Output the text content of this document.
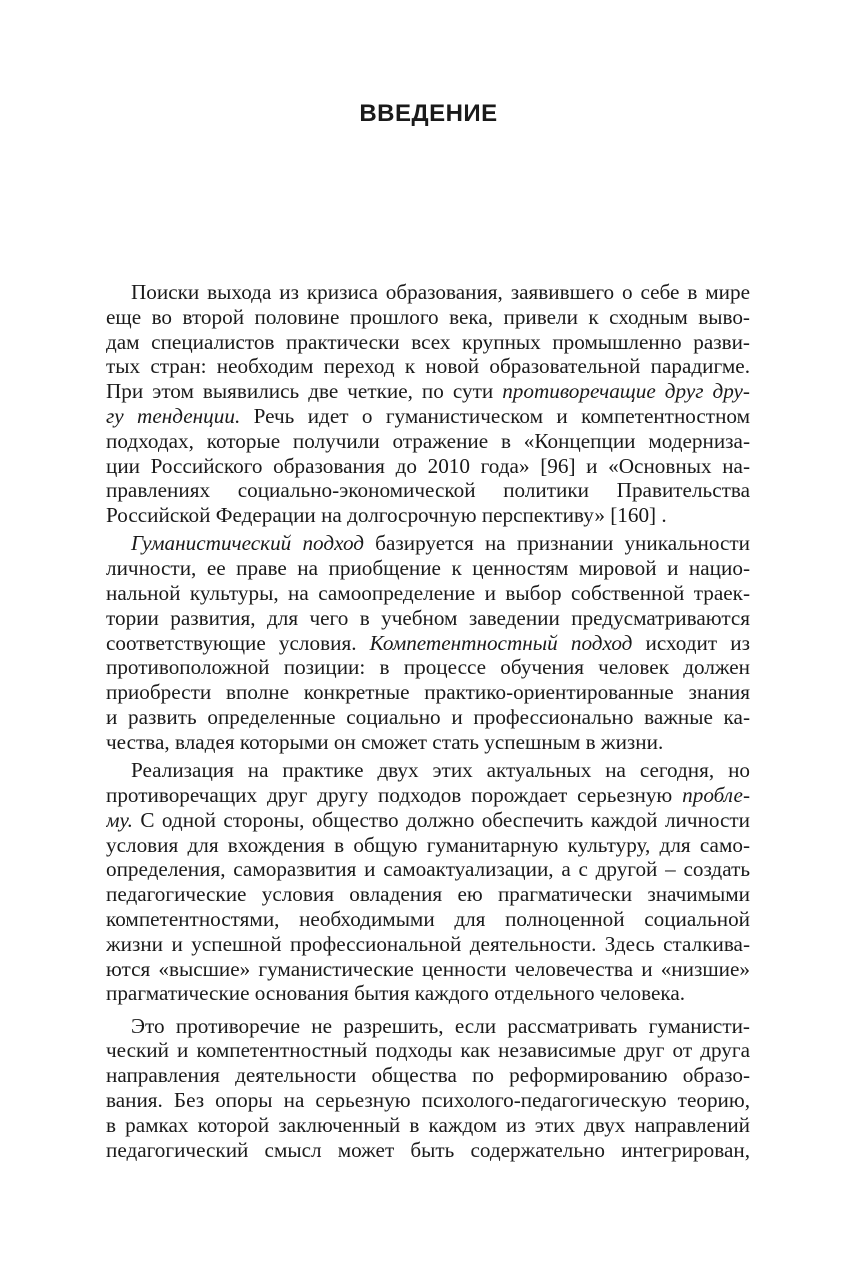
ВВЕДЕНИЕ
Поиски выхода из кризиса образования, заявившего о себе в мире
еще во второй половине прошлого века, привели к сходным выво-
дам специалистов практически всех крупных промышленно разви-
тых стран: необходим переход к новой образовательной парадигме.
При этом выявились две четкие, по сути противоречащие друг дру-
гу тенденции. Речь идет о гуманистическом и компетентностном
подходах, которые получили отражение в «Концепции модерниза-
ции Российского образования до 2010 года» [96] и «Основных на-
правлениях социально-экономической политики Правительства
Российской Федерации на долгосрочную перспективу» [160] .
Гуманистический подход базируется на признании уникальности
личности, ее праве на приобщение к ценностям мировой и нацио-
нальной культуры, на самоопределение и выбор собственной траек-
тории развития, для чего в учебном заведении предусматриваются
соответствующие условия. Компетентностный подход исходит из
противоположной позиции: в процессе обучения человек должен
приобрести вполне конкретные практико-ориентированные знания
и развить определенные социально и профессионально важные ка-
чества, владея которыми он сможет стать успешным в жизни.
Реализация на практике двух этих актуальных на сегодня, но
противоречащих друг другу подходов порождает серьезную пробле-
му. С одной стороны, общество должно обеспечить каждой личности
условия для вхождения в общую гуманитарную культуру, для само-
определения, саморазвития и самоактуализации, а с другой – создать
педагогические условия овладения ею прагматически значимыми
компетентностями, необходимыми для полноценной социальной
жизни и успешной профессиональной деятельности. Здесь сталкива-
ются «высшие» гуманистические ценности человечества и «низшие»
прагматические основания бытия каждого отдельного человека.
Это противоречие не разрешить, если рассматривать гуманисти-
ческий и компетентностный подходы как независимые друг от друга
направления деятельности общества по реформированию образо-
вания. Без опоры на серьезную психолого-педагогическую теорию,
в рамках которой заключенный в каждом из этих двух направлений
педагогический смысл может быть содержательно интегрирован,
